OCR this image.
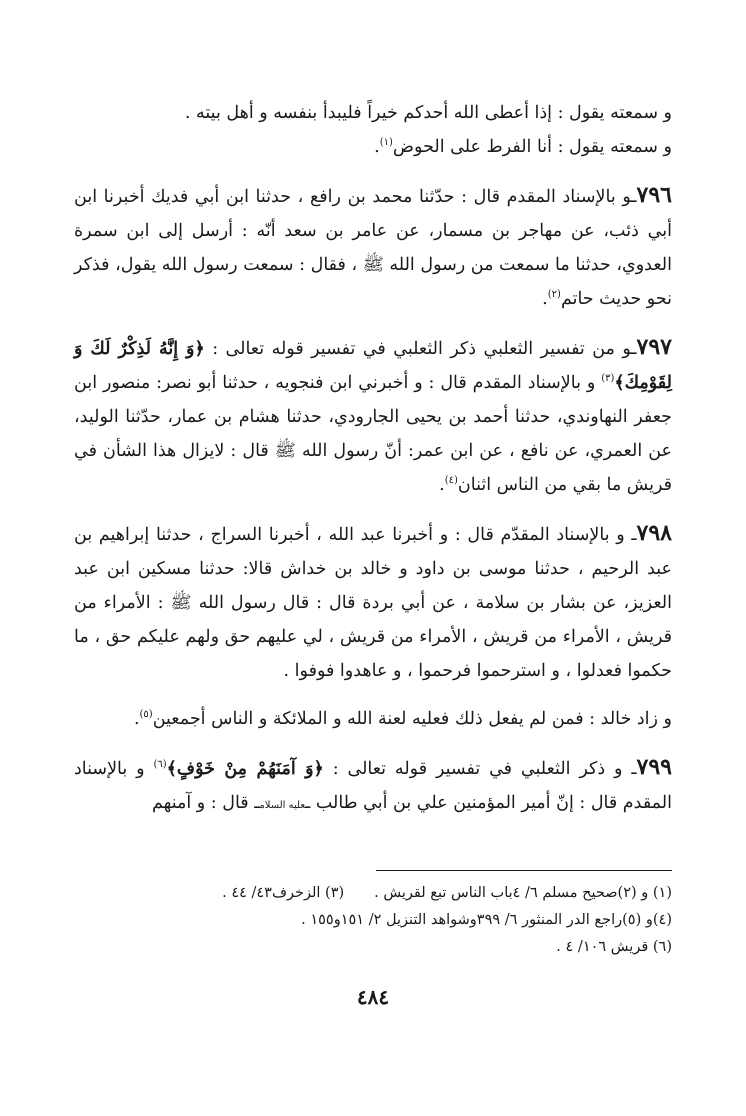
و سمعته يقول : إذا أعطى الله أحدكم خيراً فليبدأ بنفسه و أهل بيته .

و سمعته يقول : أنا الفرط على الحوض$^{(١)}$.

٧٩٦ـو بالإسناد المقدم قال : حدّثنا محمد بن رافع ، حدثنا ابن أبي فديك أخبرنا ابن أبي ذئب، عن مهاجر بن مسمار، عن عامر بن سعد أنّه : أرسل إلى ابن سمرة العدوي، حدثنا ما سمعت من رسول الله ﷺ ، فقال : سمعت رسول الله يقول، فذكر نحو حديث حاتم$^{(٢)}$.

٧٩٧ـو من تفسير الثعلبي ذكر الثعلبي في تفسير قوله تعالى : ﴿وَ إِنَّهُ لَذِكْرٌ لَكَ وَ لِقَوْمِكَ﴾$^{(٣)}$ و بالإسناد المقدم قال : و أخبرني ابن فنجويه ، حدثنا أبو نصر: منصور ابن جعفر النهاوندي، حدثنا أحمد بن يحيى الجارودي، حدثنا هشام بن عمار، حدّثنا الوليد، عن العمري، عن نافع ، عن ابن عمر: أنّ رسول الله ﷺ قال : لايزال هذا الشأن في قريش ما بقي من الناس اثنان$^{(٤)}$.

٧٩٨ـ و بالإسناد المقدّم قال : و أخبرنا عبد الله ، أخبرنا السراج ، حدثنا إبراهيم بن عبد الرحيم ، حدثنا موسى بن داود و خالد بن خداش قالا: حدثنا مسكين ابن عبد العزيز، عن بشار بن سلامة ، عن أبي بردة قال : قال رسول الله ﷺ : الأمراء من قريش ، الأمراء من قريش ، الأمراء من قريش ، لي عليهم حق ولهم عليكم حق ، ما حكموا فعدلوا ، و استرحموا فرحموا ، و عاهدوا فوفوا .

و زاد خالد : فمن لم يفعل ذلك فعليه لعنة الله و الملائكة و الناس أجمعين$^{(٥)}$.

٧٩٩ـ و ذكر الثعلبي في تفسير قوله تعالى : ﴿وَ آمَنَهُمْ مِنْ خَوْفٍ﴾$^{(٦)}$ و بالإسناد المقدم قال : إنّ أمير المؤمنين علي بن أبي طالب ـعليه السلامـ قال : و آمنهم

(١) و (٢)صحيح مسلم ٦/ ٤باب الناس تبع لقريش .(٣) الزخرف٤٣/ ٤٤ .
(٤)و (٥)راجع الدر المنثور ٦/ ٣٩٩وشواهد التنزيل ٢/ ١٥١و١٥٥ .
(٦) قريش ١٠٦/ ٤ .
٤٨٤
